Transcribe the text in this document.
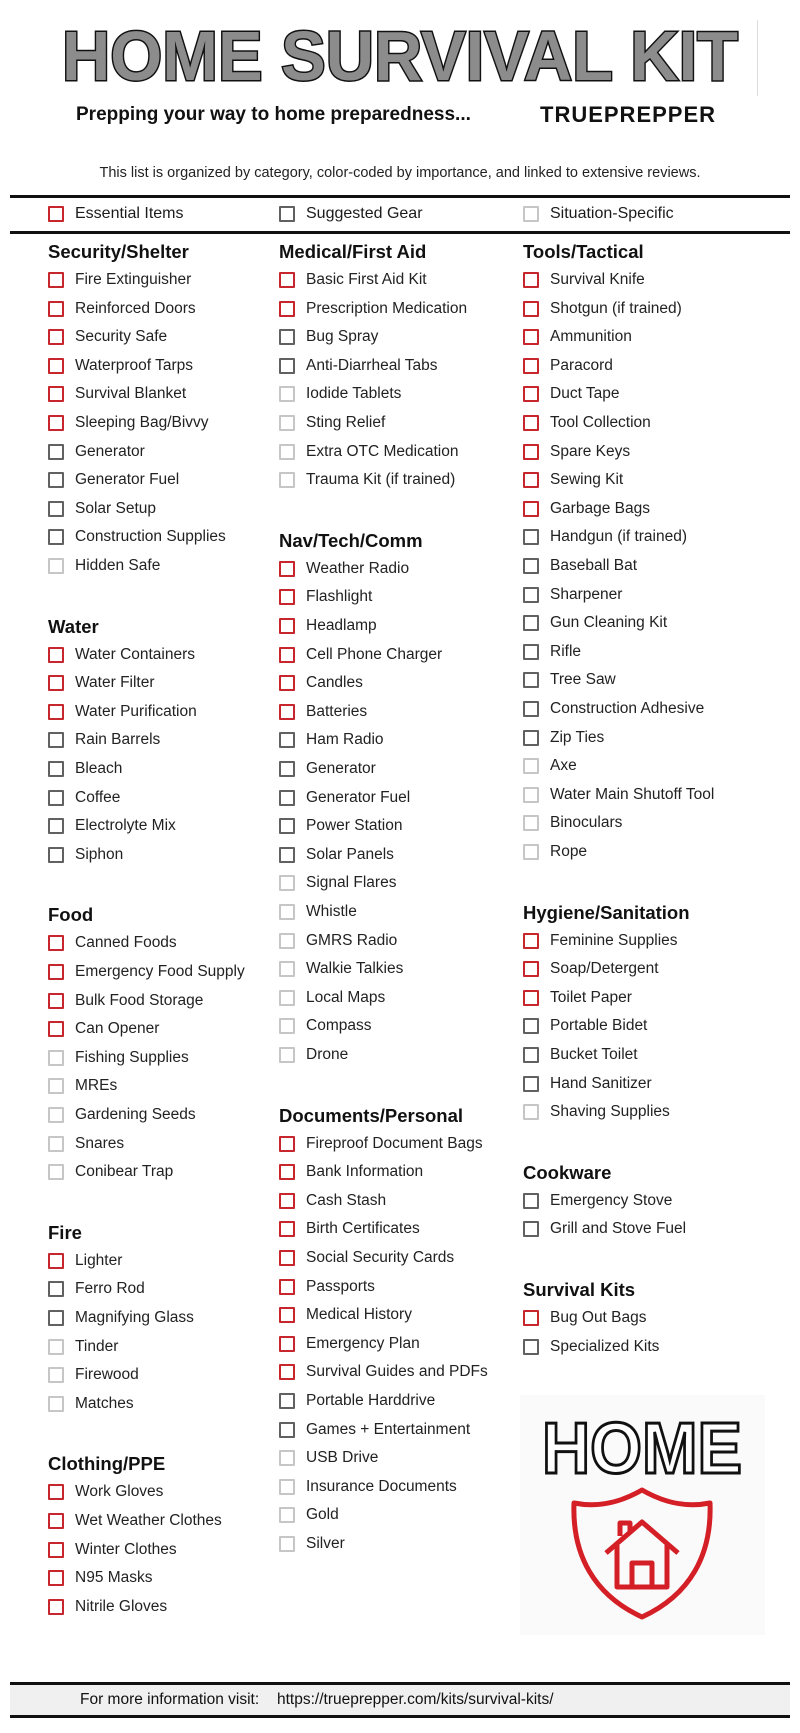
HOME SURVIVAL KIT
Prepping your way to home preparedness...	TRUEPREPPER
This list is organized by category, color-coded by importance, and linked to extensive reviews.
Essential Items	Suggested Gear	Situation-Specific
Security/Shelter
Fire Extinguisher
Reinforced Doors
Security Safe
Waterproof Tarps
Survival Blanket
Sleeping Bag/Bivvy
Generator
Generator Fuel
Solar Setup
Construction Supplies
Hidden Safe
Water
Water Containers
Water Filter
Water Purification
Rain Barrels
Bleach
Coffee
Electrolyte Mix
Siphon
Food
Canned Foods
Emergency Food Supply
Bulk Food Storage
Can Opener
Fishing Supplies
MREs
Gardening Seeds
Snares
Conibear Trap
Fire
Lighter
Ferro Rod
Magnifying Glass
Tinder
Firewood
Matches
Clothing/PPE
Work Gloves
Wet Weather Clothes
Winter Clothes
N95 Masks
Nitrile Gloves
Medical/First Aid
Basic First Aid Kit
Prescription Medication
Bug Spray
Anti-Diarrheal Tabs
Iodide Tablets
Sting Relief
Extra OTC Medication
Trauma Kit (if trained)
Nav/Tech/Comm
Weather Radio
Flashlight
Headlamp
Cell Phone Charger
Candles
Batteries
Ham Radio
Generator
Generator Fuel
Power Station
Solar Panels
Signal Flares
Whistle
GMRS Radio
Walkie Talkies
Local Maps
Compass
Drone
Documents/Personal
Fireproof Document Bags
Bank Information
Cash Stash
Birth Certificates
Social Security Cards
Passports
Medical History
Emergency Plan
Survival Guides and PDFs
Portable Harddrive
Games + Entertainment
USB Drive
Insurance Documents
Gold
Silver
Tools/Tactical
Survival Knife
Shotgun (if trained)
Ammunition
Paracord
Duct Tape
Tool Collection
Spare Keys
Sewing Kit
Garbage Bags
Handgun (if trained)
Baseball Bat
Sharpener
Gun Cleaning Kit
Rifle
Tree Saw
Construction Adhesive
Zip Ties
Axe
Water Main Shutoff Tool
Binoculars
Rope
Hygiene/Sanitation
Feminine Supplies
Soap/Detergent
Toilet Paper
Portable Bidet
Bucket Toilet
Hand Sanitizer
Shaving Supplies
Cookware
Emergency Stove
Grill and Stove Fuel
Survival Kits
Bug Out Bags
Specialized Kits
HOME
For more information visit: https://trueprepper.com/kits/survival-kits/
